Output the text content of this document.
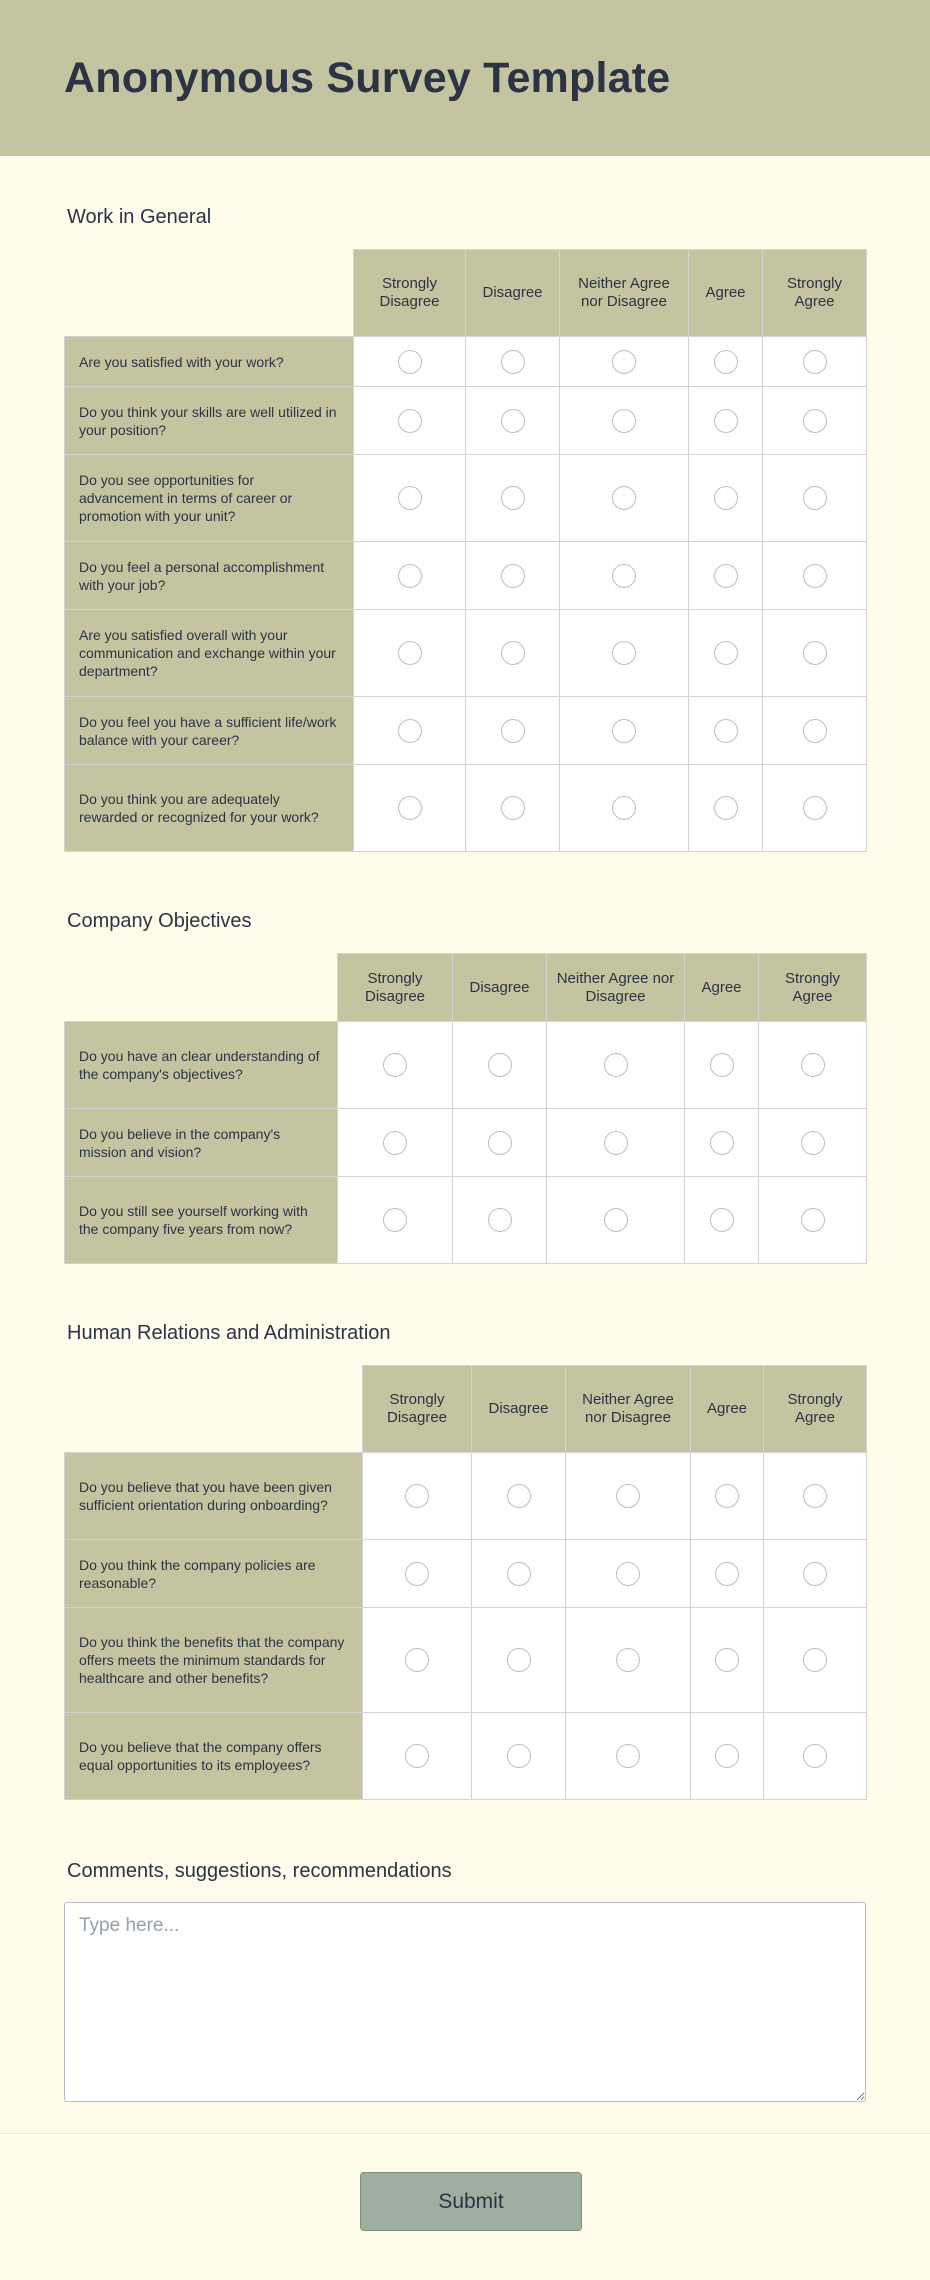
Anonymous Survey Template
Work in General
	Strongly Disagree	Disagree	Neither Agree nor Disagree	Agree	Strongly Agree
Are you satisfied with your work?					
Do you think your skills are well utilized in your position?					
Do you see opportunities for advancement in terms of career or promotion with your unit?					
Do you feel a personal accomplishment with your job?					
Are you satisfied overall with your communication and exchange within your department?					
Do you feel you have a sufficient life/work balance with your career?					
Do you think you are adequately rewarded or recognized for your work?					
Company Objectives
	Strongly Disagree	Disagree	Neither Agree nor Disagree	Agree	Strongly Agree
Do you have an clear understanding of the company's objectives?					
Do you believe in the company's mission and vision?					
Do you still see yourself working with the company five years from now?					
Human Relations and Administration
	Strongly Disagree	Disagree	Neither Agree nor Disagree	Agree	Strongly Agree
Do you believe that you have been given sufficient orientation during onboarding?					
Do you think the company policies are reasonable?					
Do you think the benefits that the company offers meets the minimum standards for healthcare and other benefits?					
Do you believe that the company offers equal opportunities to its employees?					
Comments, suggestions, recommendations
Type here...
Submit
